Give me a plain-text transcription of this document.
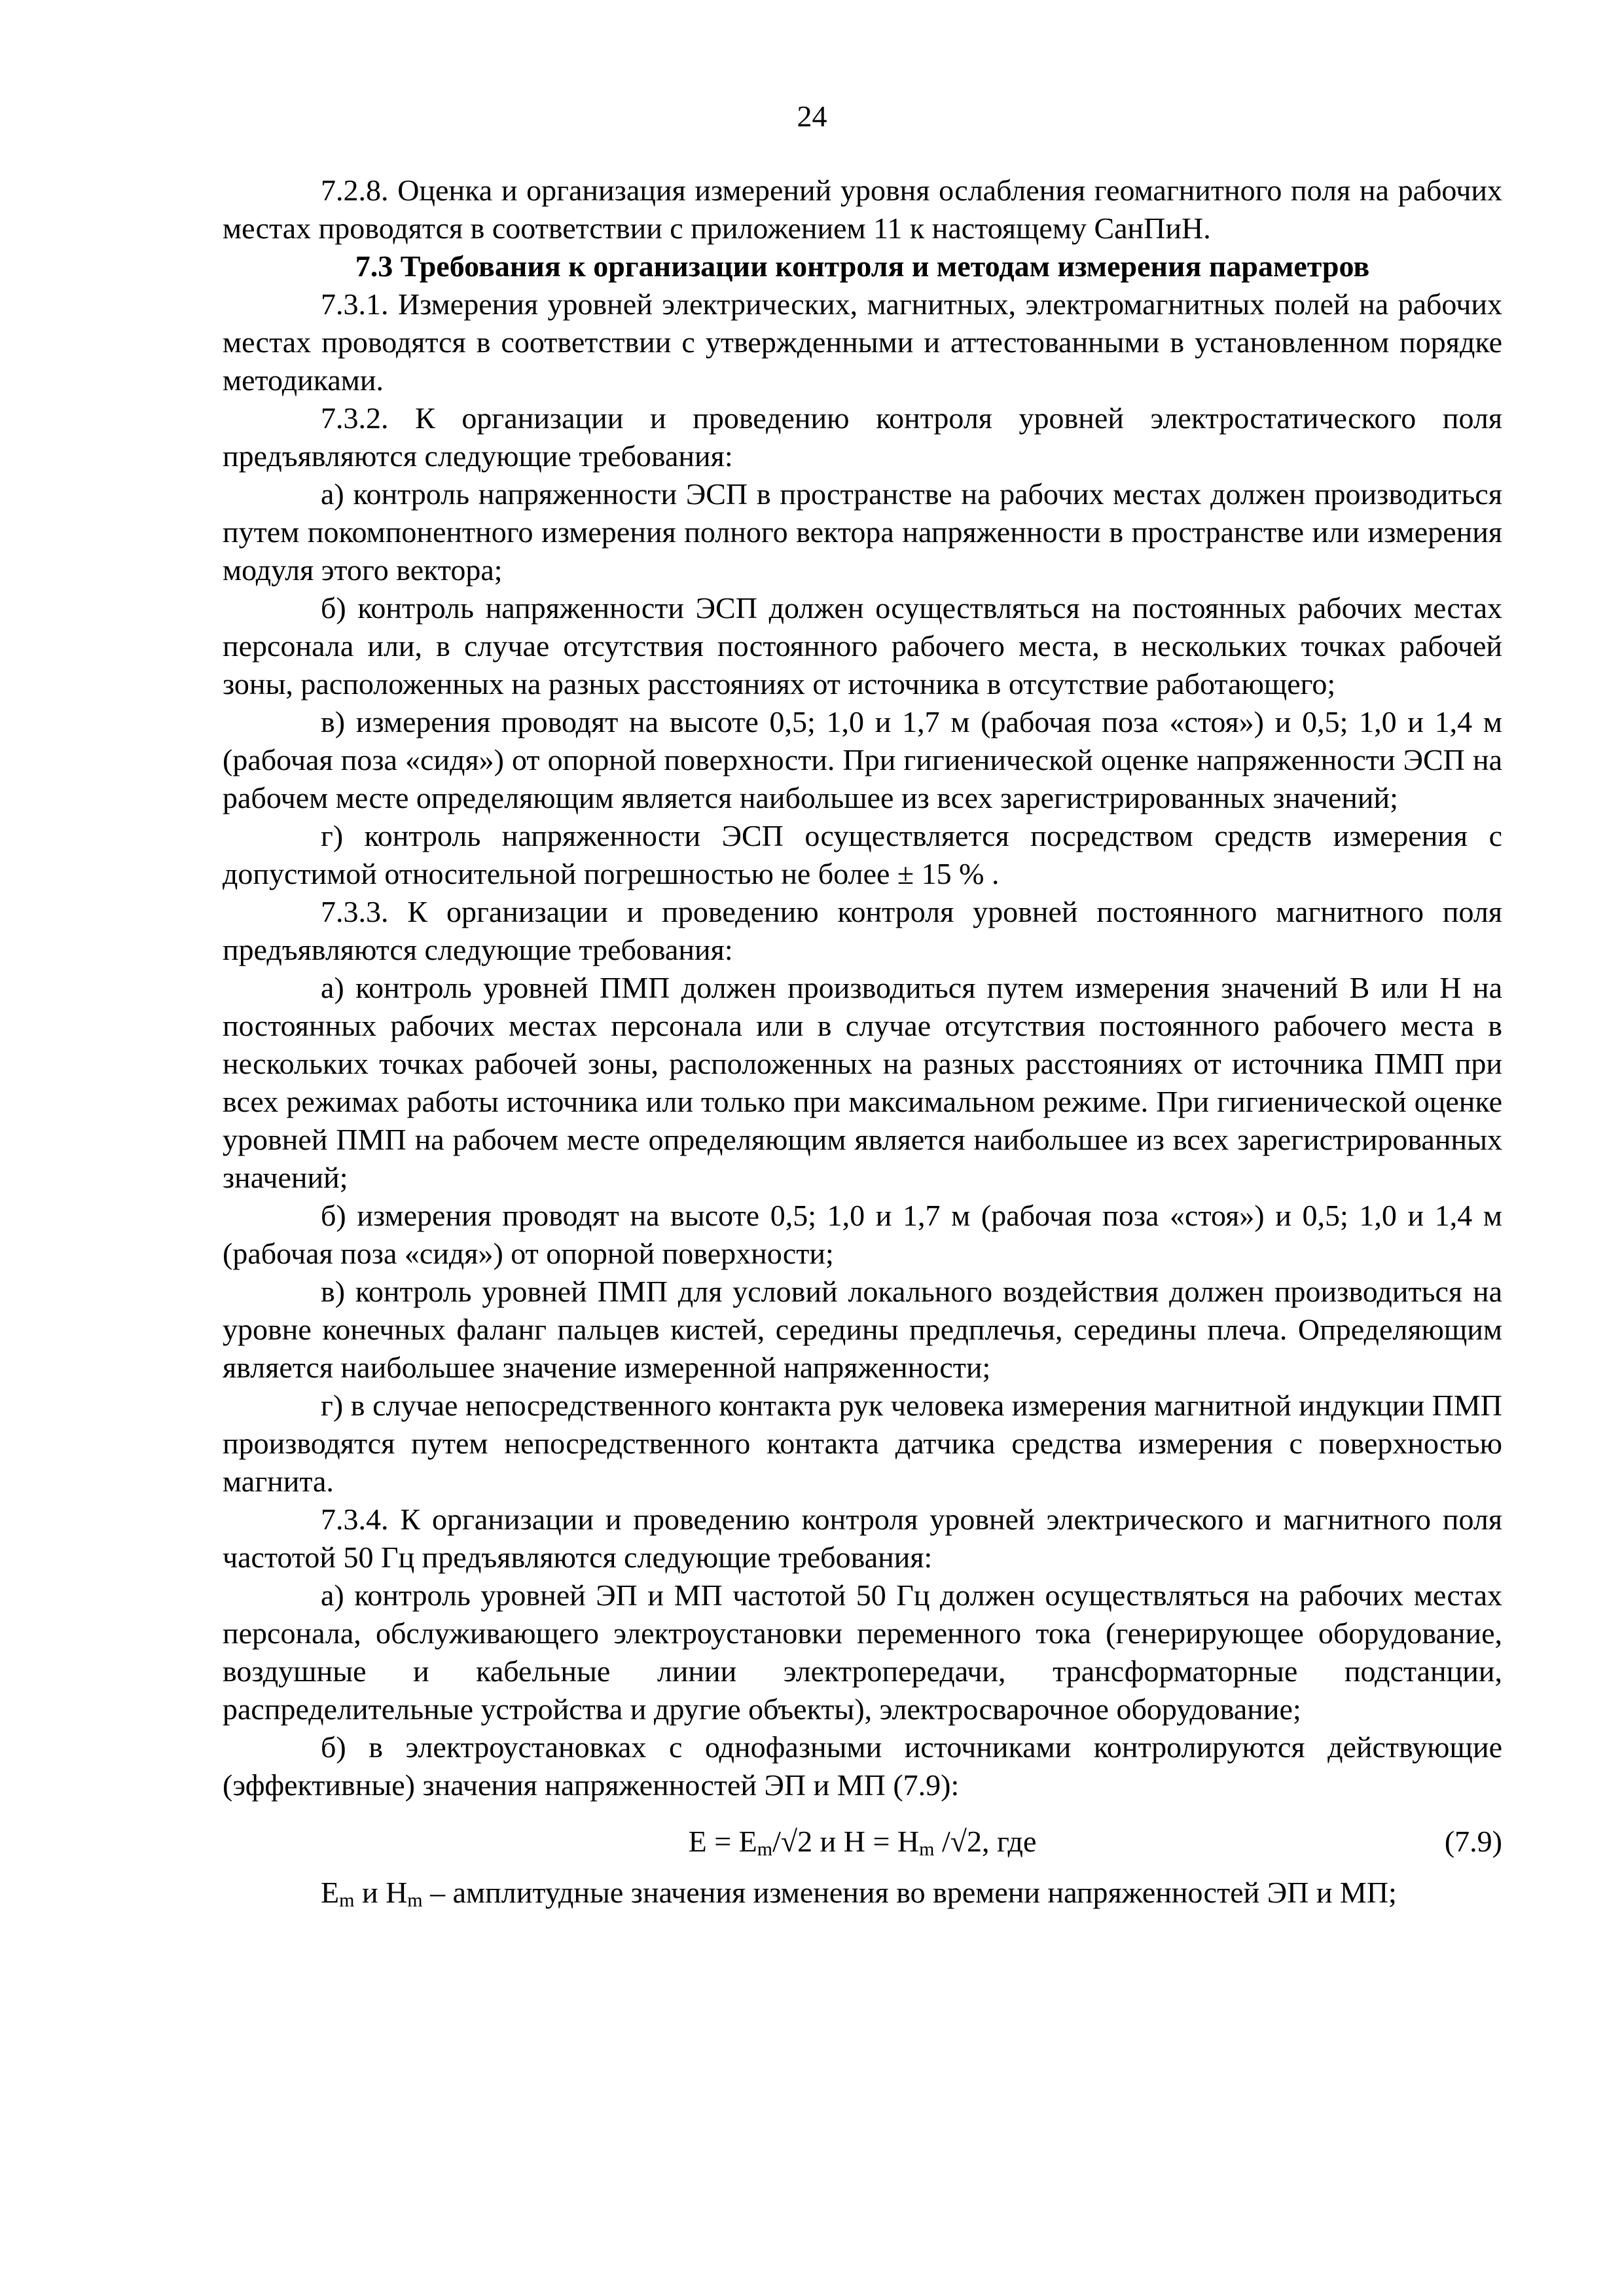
24

7.2.8. Оценка и организация измерений уровня ослабления геомагнитного поля на рабочих местах проводятся в соответствии с приложением 11 к настоящему СанПиН.

7.3 Требования к организации контроля и методам измерения параметров

7.3.1. Измерения уровней электрических, магнитных, электромагнитных полей на рабочих местах проводятся в соответствии с утвержденными и аттестованными в установленном порядке методиками.

7.3.2. К организации и проведению контроля уровней электростатического поля предъявляются следующие требования:

а) контроль напряженности ЭСП в пространстве на рабочих местах должен производиться путем покомпонентного измерения полного вектора напряженности в пространстве или измерения модуля этого вектора;

б) контроль напряженности ЭСП должен осуществляться на постоянных рабочих местах персонала или, в случае отсутствия постоянного рабочего места, в нескольких точках рабочей зоны, расположенных на разных расстояниях от источника в отсутствие работающего;

в) измерения проводят на высоте 0,5; 1,0 и 1,7 м (рабочая поза «стоя») и 0,5; 1,0 и 1,4 м (рабочая поза «сидя») от опорной поверхности. При гигиенической оценке напряженности ЭСП на рабочем месте определяющим является наибольшее из всех зарегистрированных значений;

г) контроль напряженности ЭСП осуществляется посредством средств измерения с допустимой относительной погрешностью не более ± 15 % .

7.3.3. К организации и проведению контроля уровней постоянного магнитного поля предъявляются следующие требования:

а) контроль уровней ПМП должен производиться путем измерения значений В или Н на постоянных рабочих местах персонала или в случае отсутствия постоянного рабочего места в нескольких точках рабочей зоны, расположенных на разных расстояниях от источника ПМП при всех режимах работы источника или только при максимальном режиме. При гигиенической оценке уровней ПМП на рабочем месте определяющим является наибольшее из всех зарегистрированных значений;

б) измерения проводят на высоте 0,5; 1,0 и 1,7 м (рабочая поза «стоя») и 0,5; 1,0 и 1,4 м (рабочая поза «сидя») от опорной поверхности;

в) контроль уровней ПМП для условий локального воздействия должен производиться на уровне конечных фаланг пальцев кистей, середины предплечья, середины плеча. Определяющим является наибольшее значение измеренной напряженности;

г) в случае непосредственного контакта рук человека измерения магнитной индукции ПМП производятся путем непосредственного контакта датчика средства измерения с поверхностью магнита.

7.3.4. К организации и проведению контроля уровней электрического и магнитного поля частотой 50 Гц предъявляются следующие требования:

а) контроль уровней ЭП и МП частотой 50 Гц должен осуществляться на рабочих местах персонала, обслуживающего электроустановки переменного тока (генерирующее оборудование, воздушные и кабельные линии электропередачи, трансформаторные подстанции, распределительные устройства и другие объекты), электросварочное оборудование;

б) в электроустановках с однофазными источниками контролируются действующие (эффективные) значения напряженностей ЭП и МП (7.9):

$E = E_m/√2$ и $Н = Н_m$ /√2, где	(7.9)

$E_m$ и $H_m$ – амплитудные значения изменения во времени напряженностей ЭП и МП;
